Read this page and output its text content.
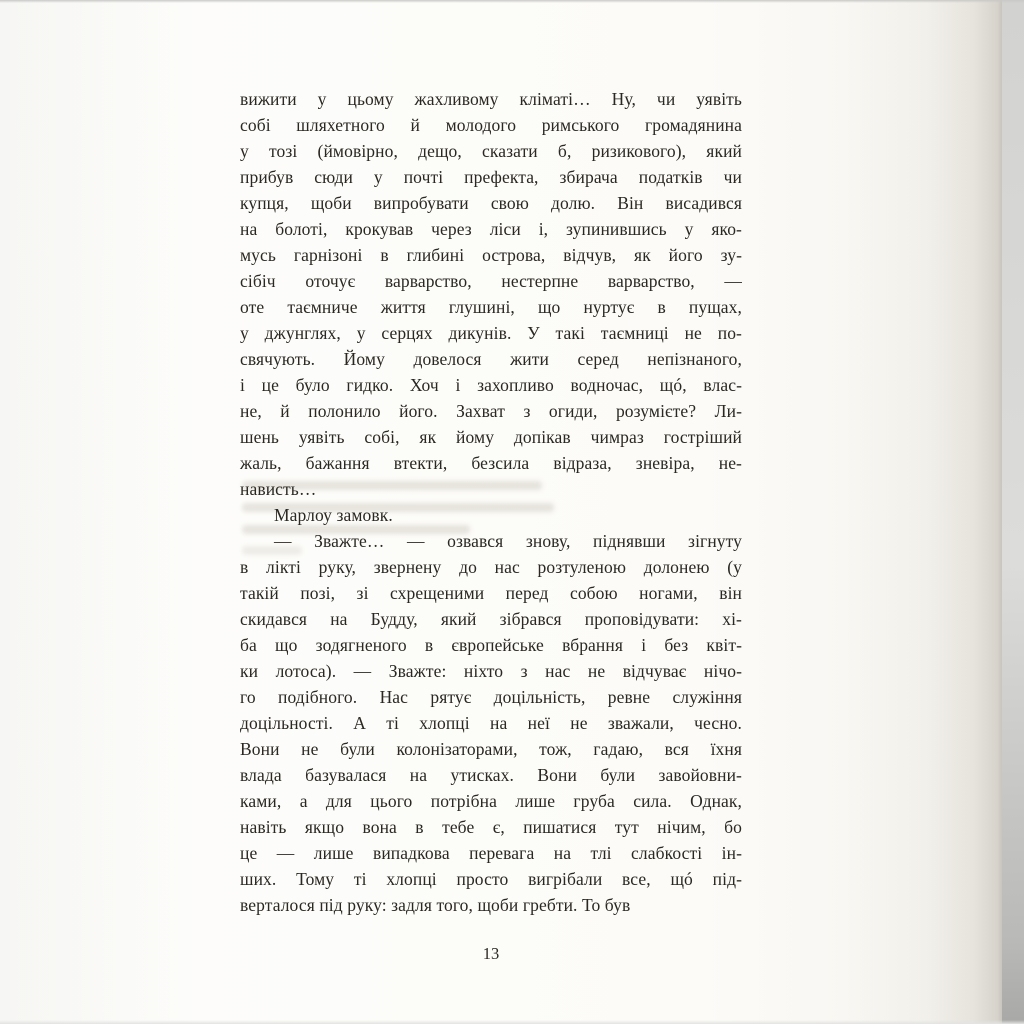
вижити у цьому жахливому кліматі… Ну, чи уявіть
собі шляхетного й молодого римського громадянина
у тозі (ймовірно, дещо, сказати б, ризикового), який
прибув сюди у почті префекта, збирача податків чи
купця, щоби випробувати свою долю. Він висадився
на болоті, крокував через ліси і, зупинившись у яко-
мусь гарнізоні в глибині острова, відчув, як його зу-
сібіч оточує варварство, нестерпне варварство, —
оте таємниче життя глушині, що нуртує в пущах,
у джунглях, у серцях дикунів. У такі таємниці не по-
свячують. Йому довелося жити серед непізнаного,
і це було гидко. Хоч і захопливо водночас, щó, влас-
не, й полонило його. Захват з огиди, розумієте? Ли-
шень уявіть собі, як йому допікав чимраз гостріший
жаль, бажання втекти, безсила відраза, зневіра, не-
нависть…
Марлоу замовк.
— Зважте… — озвався знову, піднявши зігнуту
в лікті руку, звернену до нас розтуленою долонею (у
такій позі, зі схрещеними перед собою ногами, він
скидався на Будду, який зібрався проповідувати: хі-
ба що зодягненого в європейське вбрання і без квіт-
ки лотоса). — Зважте: ніхто з нас не відчуває нічо-
го подібного. Нас рятує доцільність, ревне служіння
доцільності. А ті хлопці на неї не зважали, чесно.
Вони не були колонізаторами, тож, гадаю, вся їхня
влада базувалася на утисках. Вони були завойовни-
ками, а для цього потрібна лише груба сила. Однак,
навіть якщо вона в тебе є, пишатися тут нічим, бо
це — лише випадкова перевага на тлі слабкості ін-
ших. Тому ті хлопці просто вигрібали все, щó під-
верталося під руку: задля того, щоби гребти. То був
13
